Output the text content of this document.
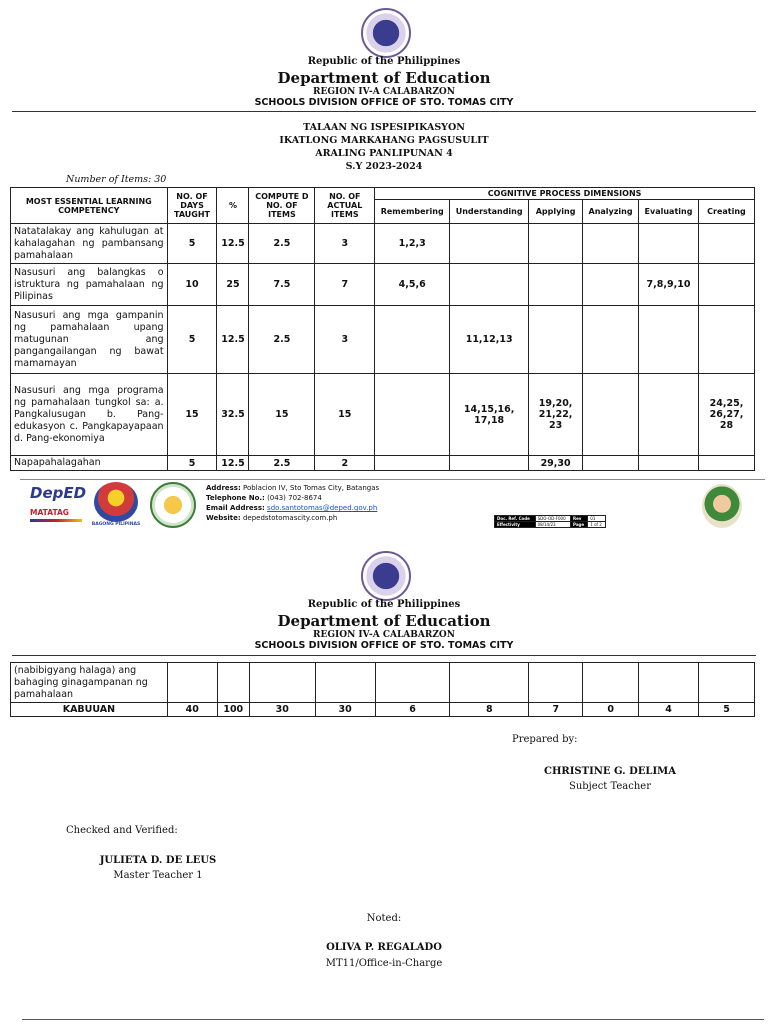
Republic of the Philippines
Department of Education
REGION IV-A CALABARZON
SCHOOLS DIVISION OFFICE OF STO. TOMAS CITY
TALAAN NG ISPESIPIKASYON
IKATLONG MARKAHANG PAGSUSULIT
ARALING PANLIPUNAN 4
S.Y 2023-2024
Number of Items: 30
MOST ESSENTIAL LEARNING COMPETENCY	NO. OF DAYS TAUGHT	%	COMPUTE D NO. OF ITEMS	NO. OF ACTUAL ITEMS	COGNITIVE PROCESS DIMENSIONS					
					Remembering	Understanding	Applying	Analyzing	Evaluating	Creating
Natatalakay ang kahulugan at kahalagahan ng pambansang pamahalaan	5	12.5	2.5	3	1,2,3					
Nasusuri ang balangkas o istruktura ng pamahalaan ng Pilipinas	10	25	7.5	7	4,5,6				7,8,9,10	
Nasusuri ang mga gampanin ng pamahalaan upang matugunan ang pangangailangan ng bawat mamamayan	5	12.5	2.5	3		11,12,13				
Nasusuri ang mga programa ng pamahalaan tungkol sa: a. Pangkalusugan b. Pang-edukasyon c. Pangkapayapaan d. Pang-ekonomiya	15	32.5	15	15		14,15,16, 17,18	19,20, 21,22, 23			24,25, 26,27, 28
Napapahalagahan	5	12.5	2.5	2			29,30			
DepED
MATATAG
BAGONG PILIPINAS
Address: Poblacion IV, Sto Tomas City, Batangas
Telephone No.: (043) 702-8674
Email Address: sdo.santotomas@deped.gov.ph
Website: depedstotomascity.com.ph	Doc. Ref. Code	SDO-OD-F000	Rev	01
Effectivity	08/14/23	Page	1 of 2
Republic of the Philippines
Department of Education
REGION IV-A CALABARZON
SCHOOLS DIVISION OFFICE OF STO. TOMAS CITY
(nabibigyang halaga) ang bahaging ginagampanan ng pamahalaan										
KABUUAN	40	100	30	30	6	8	7	0	4	5
Prepared by:
CHRISTINE G. DELIMA
Subject Teacher
Checked and Verified:
JULIETA D. DE LEUS
Master Teacher 1
Noted:
OLIVA P. REGALADO
MT11/Office-in-Charge
